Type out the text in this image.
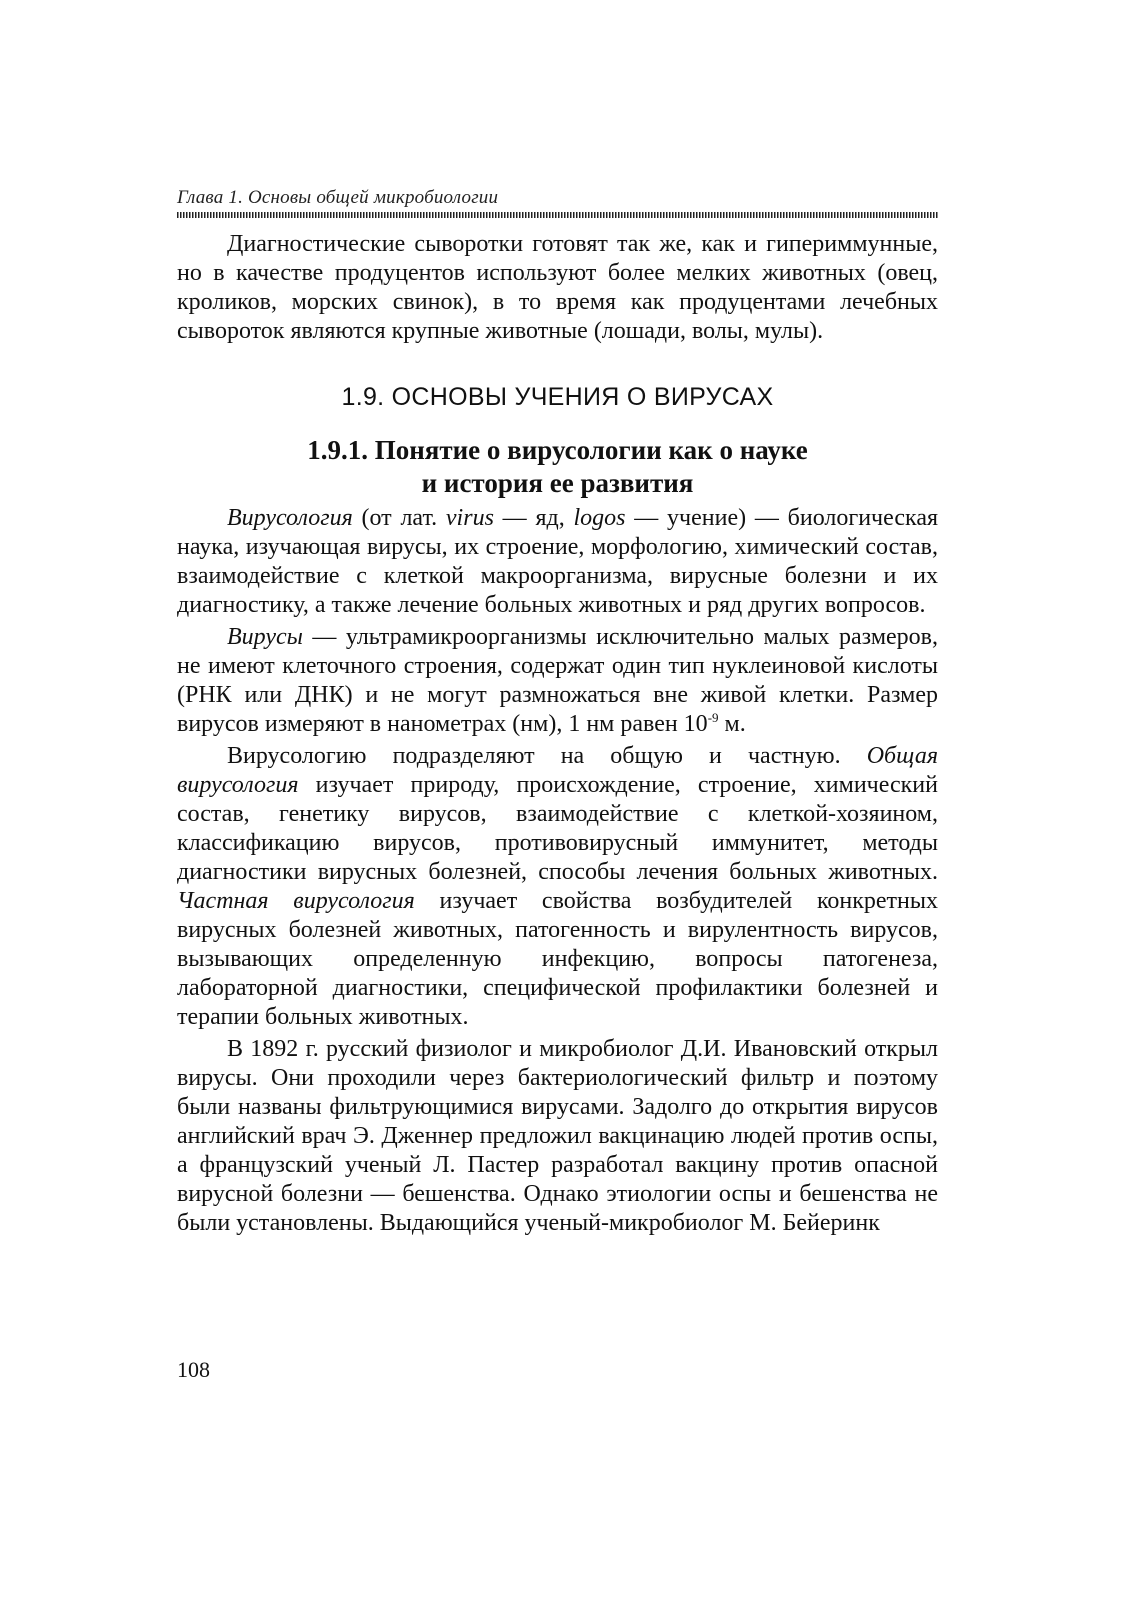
Глава 1. Основы общей микробиологии

Диагностические сыворотки готовят так же, как и гипериммунные, но в качестве продуцентов используют более мелких животных (овец, кроликов, морских свинок), в то время как продуцентами лечебных сывороток являются крупные животные (лошади, волы, мулы).

1.9. ОСНОВЫ УЧЕНИЯ О ВИРУСАХ
1.9.1. Понятие о вирусологии как о науке
и история ее развития

Вирусология (от лат. virus — яд, logos — учение) — биологическая наука, изучающая вирусы, их строение, морфологию, химический состав, взаимодействие с клеткой макроорганизма, вирусные болезни и их диагностику, а также лечение больных животных и ряд других вопросов.

Вирусы — ультрамикроорганизмы исключительно малых размеров, не имеют клеточного строения, содержат один тип нуклеиновой кислоты (РНК или ДНК) и не могут размножаться вне живой клетки. Размер вирусов измеряют в нанометрах (нм), 1 нм равен $10^{-9}$ м.

Вирусологию подразделяют на общую и частную. Общая вирусология изучает природу, происхождение, строение, химический состав, генетику вирусов, взаимодействие с клеткой-хозяином, классификацию вирусов, противовирусный иммунитет, методы диагностики вирусных болезней, способы лечения больных животных. Частная вирусология изучает свойства возбудителей конкретных вирусных болезней животных, патогенность и вирулентность вирусов, вызывающих определенную инфекцию, вопросы патогенеза, лабораторной диагностики, специфической профилактики болезней и терапии больных животных.

В 1892 г. русский физиолог и микробиолог Д.И. Ивановский открыл вирусы. Они проходили через бактериологический фильтр и поэтому были названы фильтрующимися вирусами. Задолго до открытия вирусов английский врач Э. Дженнер предложил вакцинацию людей против оспы, а французский ученый Л. Пастер разработал вакцину против опасной вирусной болезни — бешенства. Однако этиологии оспы и бешенства не были установлены. Выдающийся ученый-микробиолог М. Бейеринк

108
